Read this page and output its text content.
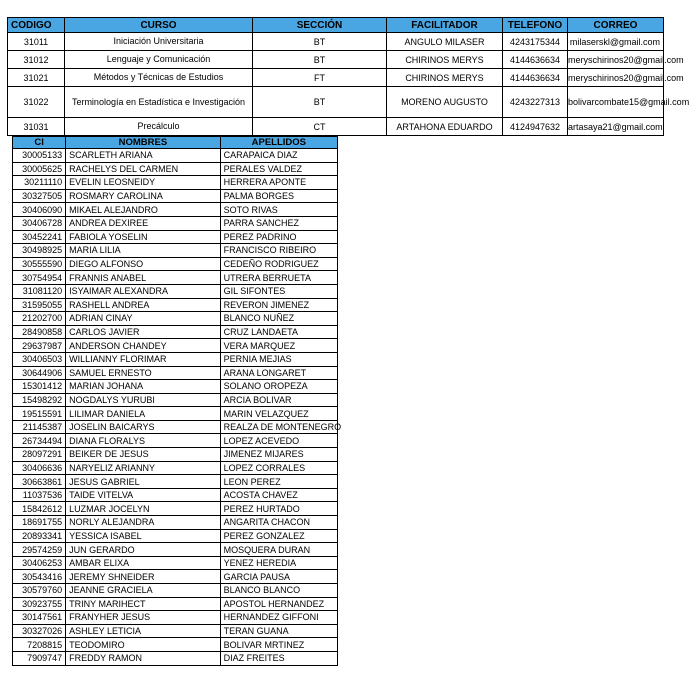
CODIGO	CURSO	SECCIÓN	FACILITADOR	TELEFONO	CORREO
31011	Iniciación Universitaria	BT	ANGULO MILASER	4243175344	milaserskl@gmail.com
31012	Lenguaje y Comunicación	BT	CHIRINOS MERYS	4144636634	meryschirinos20@gmail.com
31021	Métodos y Técnicas de Estudios	FT	CHIRINOS MERYS	4144636634	meryschirinos20@gmail.com
31022	Terminología en Estadística e Investigación	BT	MORENO AUGUSTO	4243227313	bolivarcombate15@gmail.com
31031	Precálculo	CT	ARTAHONA EDUARDO	4124947632	artasaya21@gmail.com
CI	NOMBRES	APELLIDOS
30005133	SCARLETH ARIANA	CARAPAICA DIAZ
30005625	RACHELYS DEL CARMEN	PERALES VALDEZ
30211110	EVELIN LEOSNEIDY	HERRERA APONTE
30327505	ROSMARY CAROLINA	PALMA BORGES
30406090	MIKAEL ALEJANDRO	SOTO RIVAS
30406728	ANDREA DEXIREE	PARRA SANCHEZ
30452241	FABIOLA YOSELIN	PEREZ PADRINO
30498925	MARIA LILIA	FRANCISCO RIBEIRO
30555590	DIEGO ALFONSO	CEDEÑO RODRIGUEZ
30754954	FRANNIS ANABEL	UTRERA BERRUETA
31081120	ISYAIMAR ALEXANDRA	GIL SIFONTES
31595055	RASHELL ANDREA	REVERON JIMENEZ
21202700	ADRIAN CINAY	BLANCO NUÑEZ
28490858	CARLOS JAVIER	CRUZ LANDAETA
29637987	ANDERSON CHANDEY	VERA MARQUEZ
30406503	WILLIANNY FLORIMAR	PERNIA MEJIAS
30644906	SAMUEL ERNESTO	ARANA LONGARET
15301412	MARIAN JOHANA	SOLANO OROPEZA
15498292	NOGDALYS YURUBI	ARCIA BOLIVAR
19515591	LILIMAR DANIELA	MARIN VELAZQUEZ
21145387	JOSELIN BAICARYS	REALZA DE MONTENEGRO
26734494	DIANA FLORALYS	LOPEZ ACEVEDO
28097291	BEIKER DE JESUS	JIMENEZ MIJARES
30406636	NARYELIZ ARIANNY	LOPEZ CORRALES
30663861	JESUS GABRIEL	LEON PEREZ
11037536	TAIDE VITELVA	ACOSTA CHAVEZ
15842612	LUZMAR JOCELYN	PEREZ HURTADO
18691755	NORLY ALEJANDRA	ANGARITA CHACON
20893341	YESSICA ISABEL	PEREZ GONZALEZ
29574259	JUN GERARDO	MOSQUERA DURAN
30406253	AMBAR ELIXA	YENEZ HEREDIA
30543416	JEREMY SHNEIDER	GARCIA PAUSA
30579760	JEANNE GRACIELA	BLANCO BLANCO
30923755	TRINY MARIHECT	APOSTOL HERNANDEZ
30147561	FRANYHER JESUS	HERNANDEZ GIFFONI
30327026	ASHLEY LETICIA	TERAN GUANA
7208815	TEODOMIRO	BOLIVAR MRTINEZ
7909747	FREDDY RAMON	DIAZ FREITES
